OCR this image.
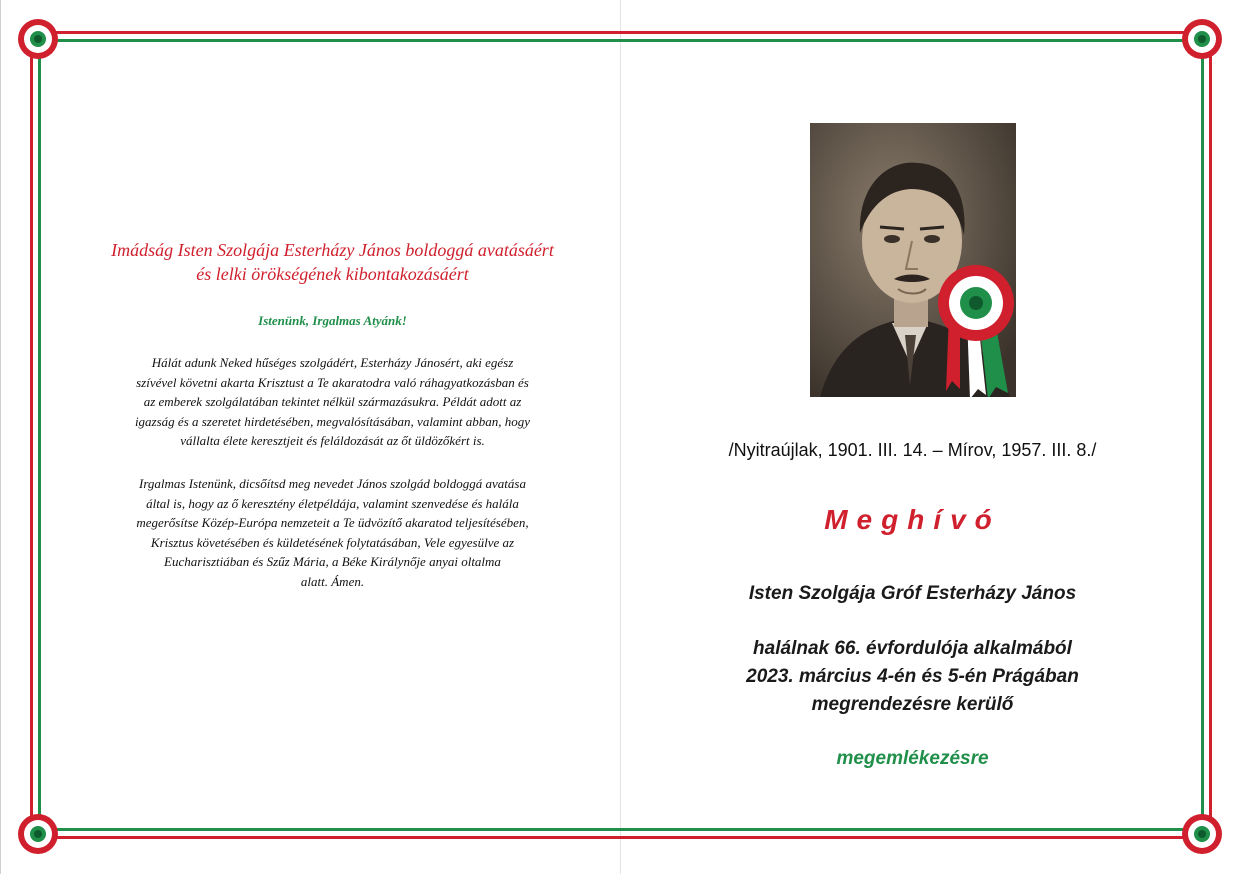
Imádság Isten Szolgája Esterházy János boldoggá avatásáért
és lelki örökségének kibontakozásáért
Istenünk, Irgalmas Atyánk!
Hálát adunk Neked hűséges szolgádért, Esterházy Jánosért, aki egész
szívével követni akarta Krisztust a Te akaratodra való ráhagyatkozásban és
az emberek szolgálatában tekintet nélkül származásukra. Példát adott az
igazság és a szeretet hirdetésében, megvalósításában, valamint abban, hogy
vállalta élete keresztjeit és feláldozását az őt üldözőkért is.
Irgalmas Istenünk, dicsőítsd meg nevedet János szolgád boldoggá avatása
által is, hogy az ő keresztény életpéldája, valamint szenvedése és halála
megerősítse Közép-Európa nemzeteit a Te üdvözítő akaratod teljesítésében,
Krisztus követésében és küldetésének folytatásában, Vele egyesülve az
Eucharisztiában és Szűz Mária, a Béke Királynője anyai oltalma
alatt. Ámen.
/Nyitraújlak, 1901. III. 14. – Mírov, 1957. III. 8./
Meghívó
Isten Szolgája Gróf Esterházy János
halálnak 66. évfordulója alkalmából
2023. március 4-én és 5-én Prágában
megrendezésre kerülő
megemlékezésre
